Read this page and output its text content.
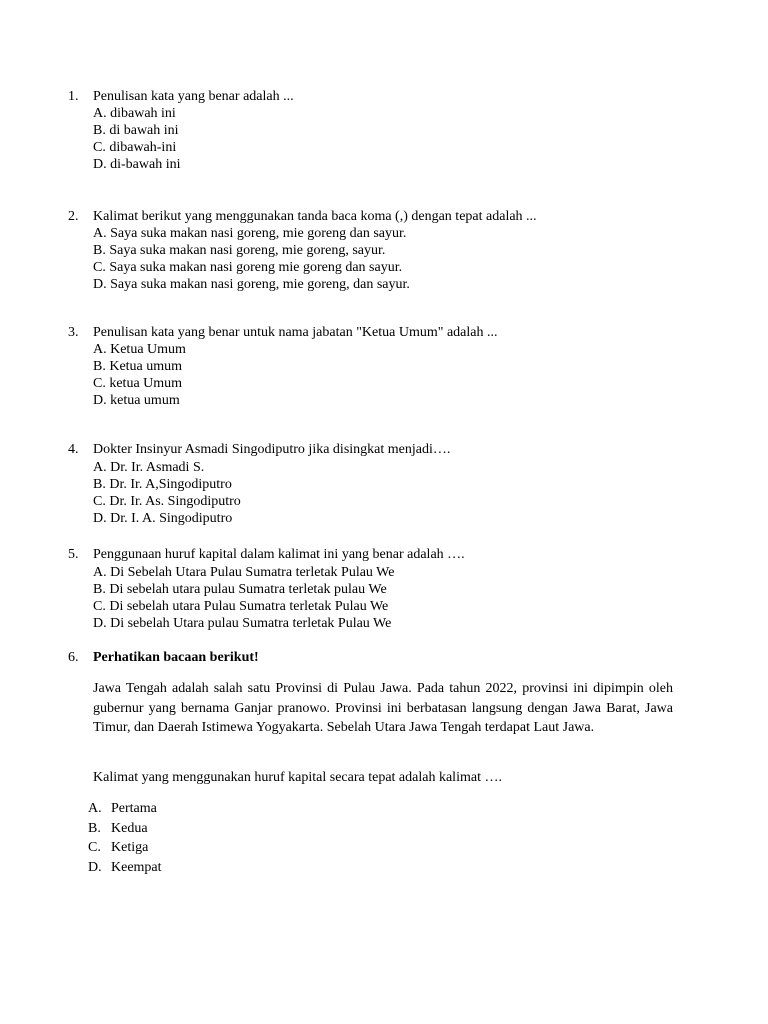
1.	Penulisan kata yang benar adalah ...
A. dibawah ini
B. di bawah ini
C. dibawah-ini
D. di-bawah ini
2.	Kalimat berikut yang menggunakan tanda baca koma (,) dengan tepat adalah ...
A. Saya suka makan nasi goreng, mie goreng dan sayur.
B. Saya suka makan nasi goreng, mie goreng, sayur.
C. Saya suka makan nasi goreng mie goreng dan sayur.
D. Saya suka makan nasi goreng, mie goreng, dan sayur.
3.	Penulisan kata yang benar untuk nama jabatan "Ketua Umum" adalah ...
A. Ketua Umum
B. Ketua umum
C. ketua Umum
D. ketua umum
4.	Dokter Insinyur Asmadi Singodiputro jika disingkat menjadi….
A. Dr. Ir. Asmadi S.
B. Dr. Ir. A,Singodiputro
C. Dr. Ir. As. Singodiputro
D. Dr. I. A. Singodiputro
5.	Penggunaan huruf kapital dalam kalimat ini yang benar adalah ….
A. Di Sebelah Utara Pulau Sumatra terletak Pulau We
B. Di sebelah utara pulau Sumatra terletak pulau We
C. Di sebelah utara Pulau Sumatra terletak Pulau We
D. Di sebelah Utara pulau Sumatra terletak Pulau We
6.	Perhatikan bacaan berikut!
Jawa Tengah adalah salah satu Provinsi di Pulau Jawa. Pada tahun 2022, provinsi ini dipimpin oleh gubernur yang bernama Ganjar pranowo. Provinsi ini berbatasan langsung dengan Jawa Barat, Jawa Timur, dan Daerah Istimewa Yogyakarta. Sebelah Utara Jawa Tengah terdapat Laut Jawa.
Kalimat yang menggunakan huruf kapital secara tepat adalah kalimat ….
A. Pertama
B. Kedua
C. Ketiga
D. Keempat
